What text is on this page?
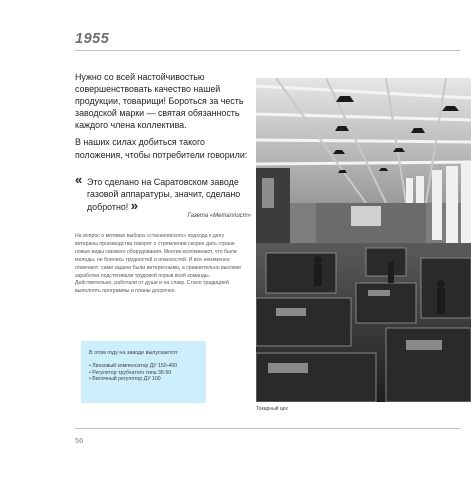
1955

Нужно со всей настойчивостью совершенствовать качество нашей продукции, товарищи! Бороться за честь заводской марки — святая обязанность каждого члена коллектива.

В наших силах добиться такого положения, чтобы потребители говорили:

« Это сделано на Саратовском заводе газовой аппаратуры, значит, сделано добротно! »

Газета «Металлист»

На вопрос о мотивах выбора «стахановского» подхода к делу ветераны производства говорят о стремлении скорее дать стране новые виды газового оборудования. Многие вспоминают, что были молоды, не боялись трудностей и опасностей. И все неизменно отмечают: сами задачи были интересными, а сравнительно высокие заработки подстегивали трудовой порыв всей команды. Действительно, работали от души и на славу. Стало традицией выполнять программы и планы досрочно.

В этом году на заводе выпускается:
• Линзовый компенсатор ДУ 150-400
• Регулятор трубчатого типа 38-50
• Вилочный регулятор ДУ 100
Токарный цех
56
